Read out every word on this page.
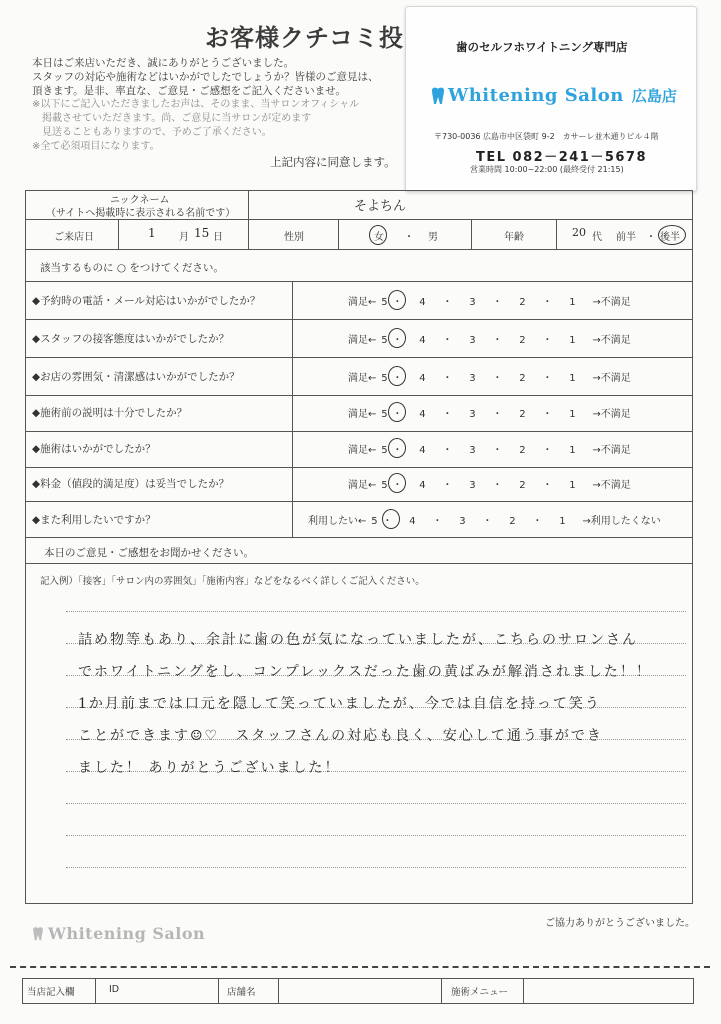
お客様クチコミ投
本日はご来店いただき、誠にありがとうございました。
スタッフの対応や施術などはいかがでしたでしょうか？皆様のご意見は、
頂きます。是非、率直な、ご意見・ご感想をご記入くださいませ。
※以下にご記入いただきましたお声は、そのまま、当サロンオフィシャル
掲載させていただきます。尚、ご意見に当サロンが定めます
見送ることもありますので、予めご了承ください。
※全て必須項目になります。
上記内容に同意します。
歯のセルフホワイトニング専門店
Whitening Salon 広島店
〒730-0036 広島市中区袋町 9-2　カサーレ並木通りビル４階
TEL 082－241－5678
営業時間 10:00~22:00 (最終受付 21:15)
ニックネーム
（サイトへ掲載時に表示される名前です）	そよちん
ご来店日	1 月 15 日	性別	女 ・ 男	年齢	20 代 前半 ・ 後半
該当するものに ○ をつけてください。
◆予約時の電話・メール対応はいかがでしたか？	満足← 5 ・ 4 ・ 3 ・ 2 ・ 1 →不満足
◆スタッフの接客態度はいかがでしたか？	満足← 5 ・ 4 ・ 3 ・ 2 ・ 1 →不満足
◆お店の雰囲気・清潔感はいかがでしたか？	満足← 5 ・ 4 ・ 3 ・ 2 ・ 1 →不満足
◆施術前の説明は十分でしたか？	満足← 5 ・ 4 ・ 3 ・ 2 ・ 1 →不満足
◆施術はいかがでしたか？	満足← 5 ・ 4 ・ 3 ・ 2 ・ 1 →不満足
◆料金（値段的満足度）は妥当でしたか？	満足← 5 ・ 4 ・ 3 ・ 2 ・ 1 →不満足
◆また利用したいですか？	利用したい← 5 ・ 4 ・ 3 ・ 2 ・ 1 →利用したくない
本日のご意見・ご感想をお聞かせください。
記入例）「接客」「サロン内の雰囲気」「施術内容」などをなるべく詳しくご記入ください。
詰め物等もあり、余計に歯の色が気になっていましたが、こちらのサロンさん
でホワイトニングをし、コンプレックスだった歯の黄ばみが解消されました！！
1か月前までは口元を隠して笑っていましたが、今では自信を持って笑う
ことができます☺♡　スタッフさんの対応も良く、安心して通う事ができ
ました！ ありがとうございました！
ご協力ありがとうございました。
Whitening Salon
当店記入欄	ID	店舗名	施術メニュー
